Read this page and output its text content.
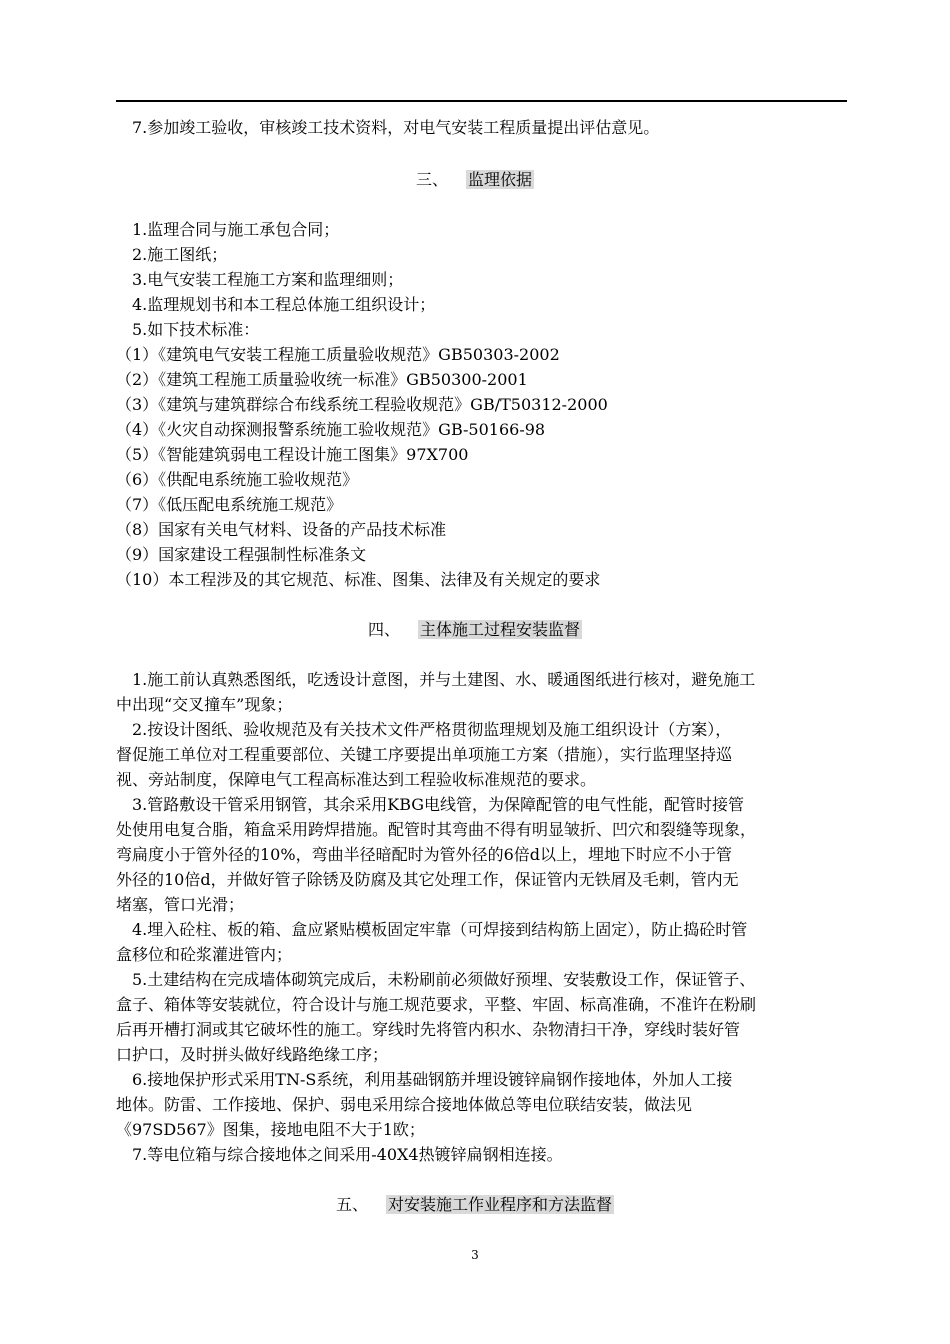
7.参加竣工验收，审核竣工技术资料，对电气安装工程质量提出评估意见。
三、 监理依据
1.监理合同与施工承包合同；
2.施工图纸；
3.电气安装工程施工方案和监理细则；
4.监理规划书和本工程总体施工组织设计；
5.如下技术标准：
（1）《建筑电气安装工程施工质量验收规范》GB50303-2002
（2）《建筑工程施工质量验收统一标准》GB50300-2001
（3）《建筑与建筑群综合布线系统工程验收规范》GB/T50312-2000
（4）《火灾自动探测报警系统施工验收规范》GB-50166-98
（5）《智能建筑弱电工程设计施工图集》97X700
（6）《供配电系统施工验收规范》
（7）《低压配电系统施工规范》
（8）国家有关电气材料、设备的产品技术标准
（9）国家建设工程强制性标准条文
（10）本工程涉及的其它规范、标准、图集、法律及有关规定的要求
四、 主体施工过程安装监督
1.施工前认真熟悉图纸，吃透设计意图，并与土建图、水、暖通图纸进行核对，避免施工
中出现“交叉撞车”现象；
2.按设计图纸、验收规范及有关技术文件严格贯彻监理规划及施工组织设计（方案），
督促施工单位对工程重要部位、关键工序要提出单项施工方案（措施），实行监理坚持巡
视、旁站制度，保障电气工程高标准达到工程验收标准规范的要求。
3.管路敷设干管采用钢管，其余采用KBG电线管，为保障配管的电气性能，配管时接管
处使用电复合脂，箱盒采用跨焊措施。配管时其弯曲不得有明显皱折、凹穴和裂缝等现象，
弯扁度小于管外径的10%，弯曲半径暗配时为管外径的6倍d以上，埋地下时应不小于管
外径的10倍d，并做好管子除锈及防腐及其它处理工作，保证管内无铁屑及毛刺，管内无
堵塞，管口光滑；
4.埋入砼柱、板的箱、盒应紧贴模板固定牢靠（可焊接到结构筋上固定），防止捣砼时管
盒移位和砼浆灌进管内；
5.土建结构在完成墙体砌筑完成后，未粉刷前必须做好预埋、安装敷设工作，保证管子、
盒子、箱体等安装就位，符合设计与施工规范要求，平整、牢固、标高准确，不准许在粉刷
后再开槽打洞或其它破坏性的施工。穿线时先将管内积水、杂物清扫干净，穿线时装好管
口护口，及时拼头做好线路绝缘工序；
6.接地保护形式采用TN-S系统，利用基础钢筋并埋设镀锌扁钢作接地体，外加人工接
地体。防雷、工作接地、保护、弱电采用综合接地体做总等电位联结安装，做法见
《97SD567》图集，接地电阻不大于1欧；
7.等电位箱与综合接地体之间采用-40X4热镀锌扁钢相连接。
五、 对安装施工作业程序和方法监督
3
